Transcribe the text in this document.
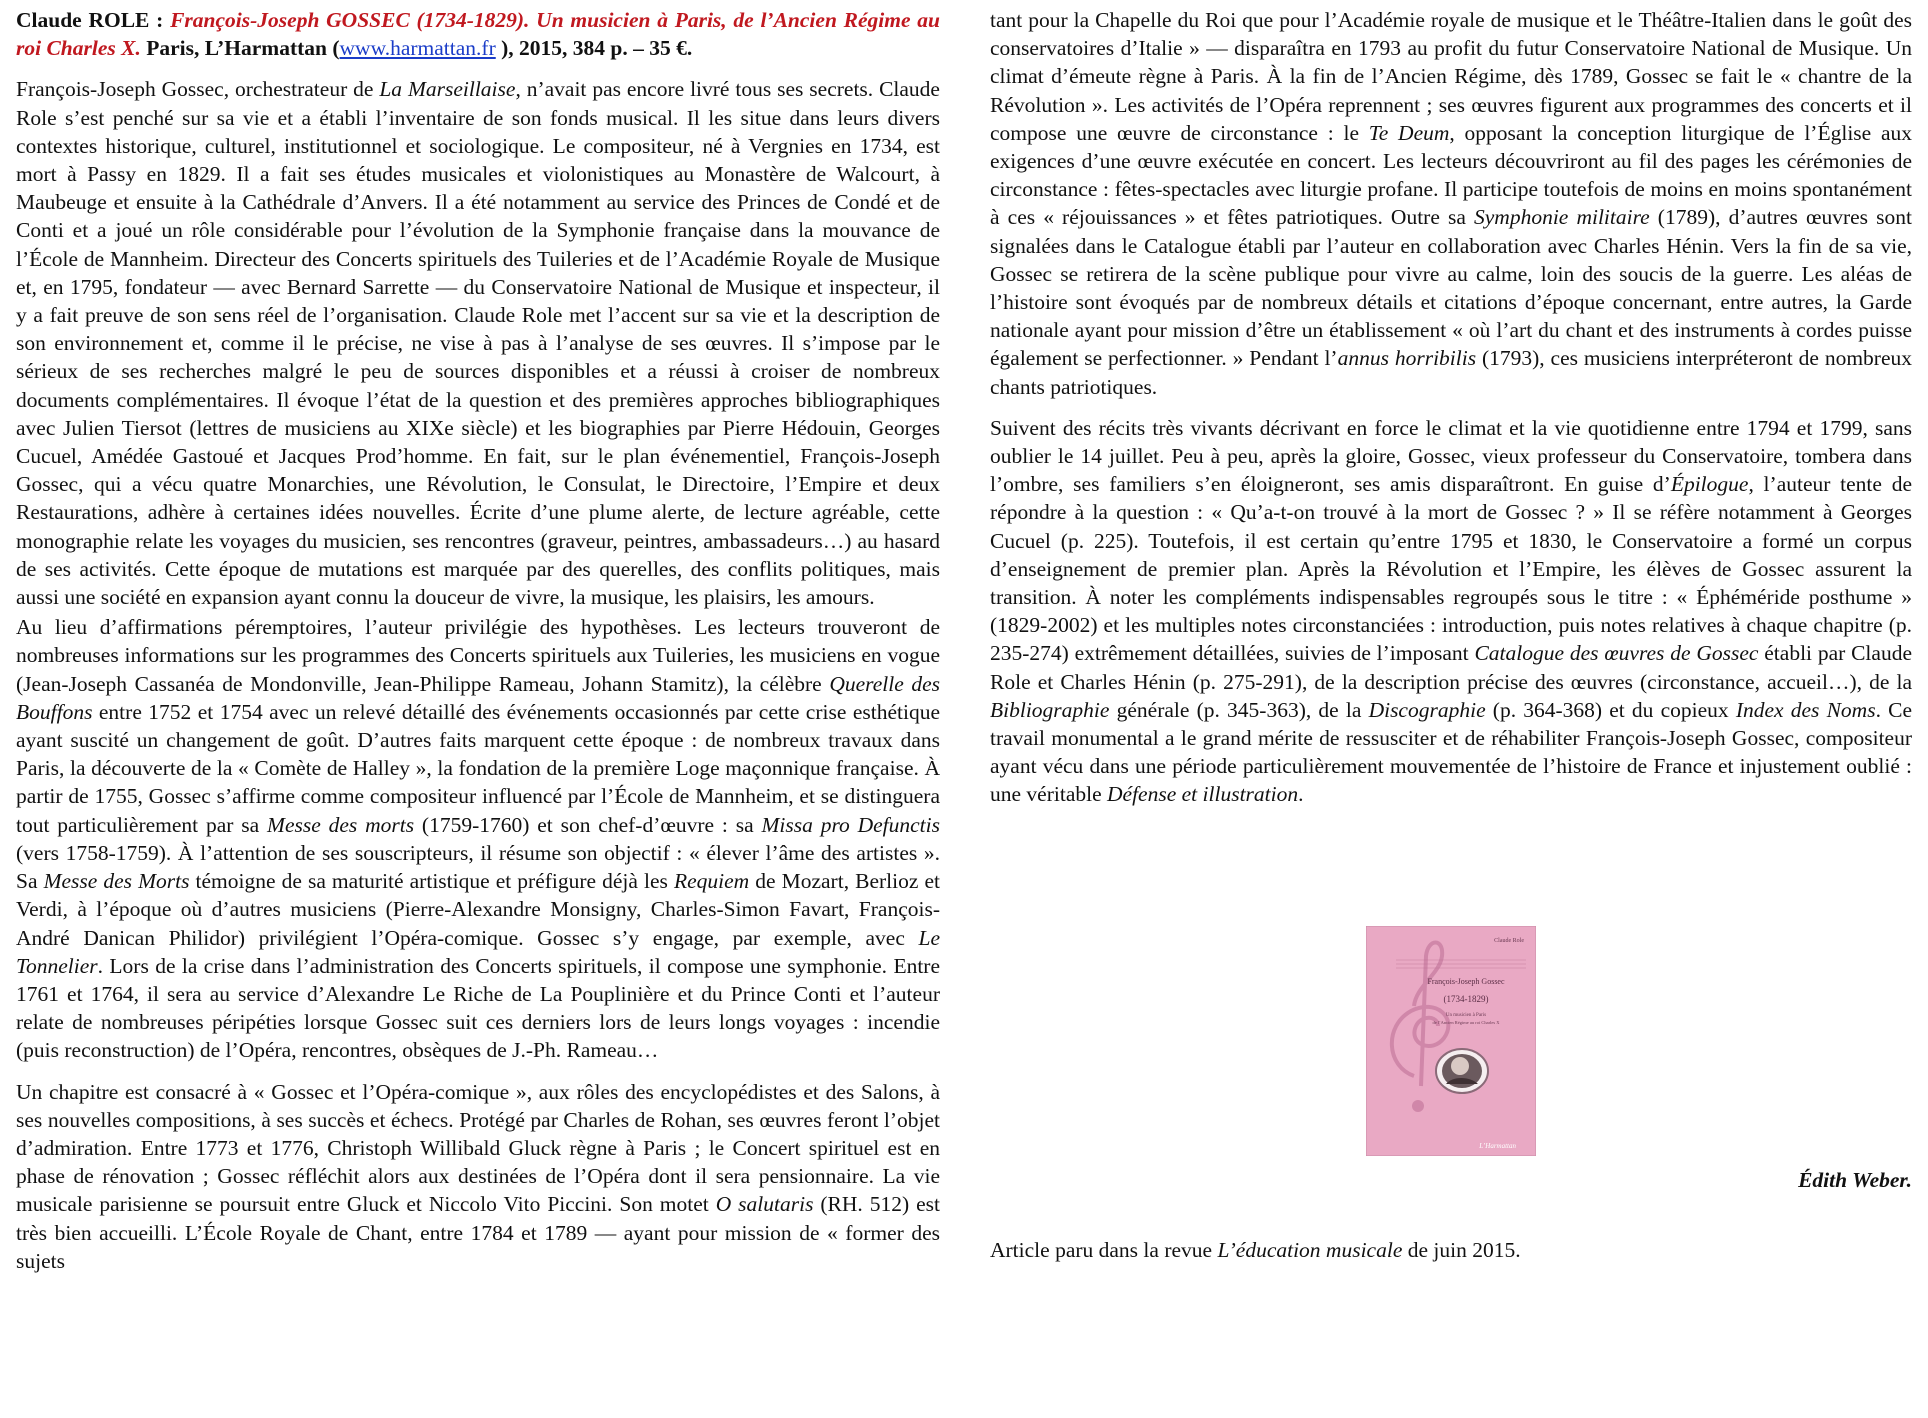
Claude ROLE : François-Joseph GOSSEC (1734-1829). Un musicien à Paris, de l’Ancien Régime au roi Charles X. Paris, L’Harmattan (www.harmattan.fr ), 2015, 384 p. – 35 €.

François-Joseph Gossec, orchestrateur de La Marseillaise, n’avait pas encore livré tous ses secrets. Claude Role s’est penché sur sa vie et a établi l’inventaire de son fonds musical. Il les situe dans leurs divers contextes historique, culturel, institutionnel et sociologique. Le compositeur, né à Vergnies en 1734, est mort à Passy en 1829. Il a fait ses études musicales et violonistiques au Monastère de Walcourt, à Maubeuge et ensuite à la Cathédrale d’Anvers. Il a été notamment au service des Princes de Condé et de Conti et a joué un rôle considérable pour l’évolution de la Symphonie française dans la mouvance de l’École de Mannheim. Directeur des Concerts spirituels des Tuileries et de l’Académie Royale de Musique et, en 1795, fondateur — avec Bernard Sarrette — du Conservatoire National de Musique et inspecteur, il y a fait preuve de son sens réel de l’organisation. Claude Role met l’accent sur sa vie et la description de son environnement et, comme il le précise, ne vise à pas à l’analyse de ses œuvres. Il s’impose par le sérieux de ses recherches malgré le peu de sources disponibles et a réussi à croiser de nombreux documents complémentaires. Il évoque l’état de la question et des premières approches bibliographiques avec Julien Tiersot (lettres de musiciens au XIXe siècle) et les biographies par Pierre Hédouin, Georges Cucuel, Amédée Gastoué et Jacques Prod’homme. En fait, sur le plan événementiel, François-Joseph Gossec, qui a vécu quatre Monarchies, une Révolution, le Consulat, le Directoire, l’Empire et deux Restaurations, adhère à certaines idées nouvelles. Écrite d’une plume alerte, de lecture agréable, cette monographie relate les voyages du musicien, ses rencontres (graveur, peintres, ambassadeurs…) au hasard de ses activités. Cette époque de mutations est marquée par des querelles, des conflits politiques, mais aussi une société en expansion ayant connu la douceur de vivre, la musique, les plaisirs, les amours.

Au lieu d’affirmations péremptoires, l’auteur privilégie des hypothèses. Les lecteurs trouveront de nombreuses informations sur les programmes des Concerts spirituels aux Tuileries, les musiciens en vogue (Jean-Joseph Cassanéa de Mondonville, Jean-Philippe Rameau, Johann Stamitz), la célèbre Querelle des Bouffons entre 1752 et 1754 avec un relevé détaillé des événements occasionnés par cette crise esthétique ayant suscité un changement de goût. D’autres faits marquent cette époque : de nombreux travaux dans Paris, la découverte de la « Comète de Halley », la fondation de la première Loge maçonnique française. À partir de 1755, Gossec s’affirme comme compositeur influencé par l’École de Mannheim, et se distinguera tout particulièrement par sa Messe des morts (1759-1760) et son chef-d’œuvre : sa Missa pro Defunctis (vers 1758-1759). À l’attention de ses souscripteurs, il résume son objectif : « élever l’âme des artistes ». Sa Messe des Morts témoigne de sa maturité artistique et préfigure déjà les Requiem de Mozart, Berlioz et Verdi, à l’époque où d’autres musiciens (Pierre-Alexandre Monsigny, Charles-Simon Favart, François-André Danican Philidor) privilégient l’Opéra-comique. Gossec s’y engage, par exemple, avec Le Tonnelier. Lors de la crise dans l’administration des Concerts spirituels, il compose une symphonie. Entre 1761 et 1764, il sera au service d’Alexandre Le Riche de La Pouplinière et du Prince Conti et l’auteur relate de nombreuses péripéties lorsque Gossec suit ces derniers lors de leurs longs voyages : incendie (puis reconstruction) de l’Opéra, rencontres, obsèques de J.-Ph. Rameau…

Un chapitre est consacré à « Gossec et l’Opéra-comique », aux rôles des encyclopédistes et des Salons, à ses nouvelles compositions, à ses succès et échecs. Protégé par Charles de Rohan, ses œuvres feront l’objet d’admiration. Entre 1773 et 1776, Christoph Willibald Gluck règne à Paris ; le Concert spirituel est en phase de rénovation ; Gossec réfléchit alors aux destinées de l’Opéra dont il sera pensionnaire. La vie musicale parisienne se poursuit entre Gluck et Niccolo Vito Piccini. Son motet O salutaris (RH. 512) est très bien accueilli. L’École Royale de Chant, entre 1784 et 1789 — ayant pour mission de « former des sujets

tant pour la Chapelle du Roi que pour l’Académie royale de musique et le Théâtre-Italien dans le goût des conservatoires d’Italie » — disparaîtra en 1793 au profit du futur Conservatoire National de Musique. Un climat d’émeute règne à Paris. À la fin de l’Ancien Régime, dès 1789, Gossec se fait le « chantre de la Révolution ». Les activités de l’Opéra reprennent ; ses œuvres figurent aux programmes des concerts et il compose une œuvre de circonstance : le Te Deum, opposant la conception liturgique de l’Église aux exigences d’une œuvre exécutée en concert. Les lecteurs découvriront au fil des pages les cérémonies de circonstance : fêtes-spectacles avec liturgie profane. Il participe toutefois de moins en moins spontanément à ces « réjouissances » et fêtes patriotiques. Outre sa Symphonie militaire (1789), d’autres œuvres sont signalées dans le Catalogue établi par l’auteur en collaboration avec Charles Hénin. Vers la fin de sa vie, Gossec se retirera de la scène publique pour vivre au calme, loin des soucis de la guerre. Les aléas de l’histoire sont évoqués par de nombreux détails et citations d’époque concernant, entre autres, la Garde nationale ayant pour mission d’être un établissement « où l’art du chant et des instruments à cordes puisse également se perfectionner. » Pendant l’annus horribilis (1793), ces musiciens interpréteront de nombreux chants patriotiques.

Suivent des récits très vivants décrivant en force le climat et la vie quotidienne entre 1794 et 1799, sans oublier le 14 juillet. Peu à peu, après la gloire, Gossec, vieux professeur du Conservatoire, tombera dans l’ombre, ses familiers s’en éloigneront, ses amis disparaîtront. En guise d’Épilogue, l’auteur tente de répondre à la question : « Qu’a-t-on trouvé à la mort de Gossec ? » Il se réfère notamment à Georges Cucuel (p. 225). Toutefois, il est certain qu’entre 1795 et 1830, le Conservatoire a formé un corpus d’enseignement de premier plan. Après la Révolution et l’Empire, les élèves de Gossec assurent la transition. À noter les compléments indispensables regroupés sous le titre : « Éphéméride posthume » (1829-2002) et les multiples notes circonstanciées : introduction, puis notes relatives à chaque chapitre (p. 235-274) extrêmement détaillées, suivies de l’imposant Catalogue des œuvres de Gossec établi par Claude Role et Charles Hénin (p. 275-291), de la description précise des œuvres (circonstance, accueil…), de la Bibliographie générale (p. 345-363), de la Discographie (p. 364-368) et du copieux Index des Noms. Ce travail monumental a le grand mérite de ressusciter et de réhabiliter François-Joseph Gossec, compositeur ayant vécu dans une période particulièrement mouvementée de l’histoire de France et injustement oublié : une véritable Défense et illustration.

Claude Role
François-Joseph Gossec
(1734-1829)
Un musicien à Paris
de l’Ancien Régime au roi Charles X
L’Harmattan
Édith Weber.
Article paru dans la revue L’éducation musicale de juin 2015.
